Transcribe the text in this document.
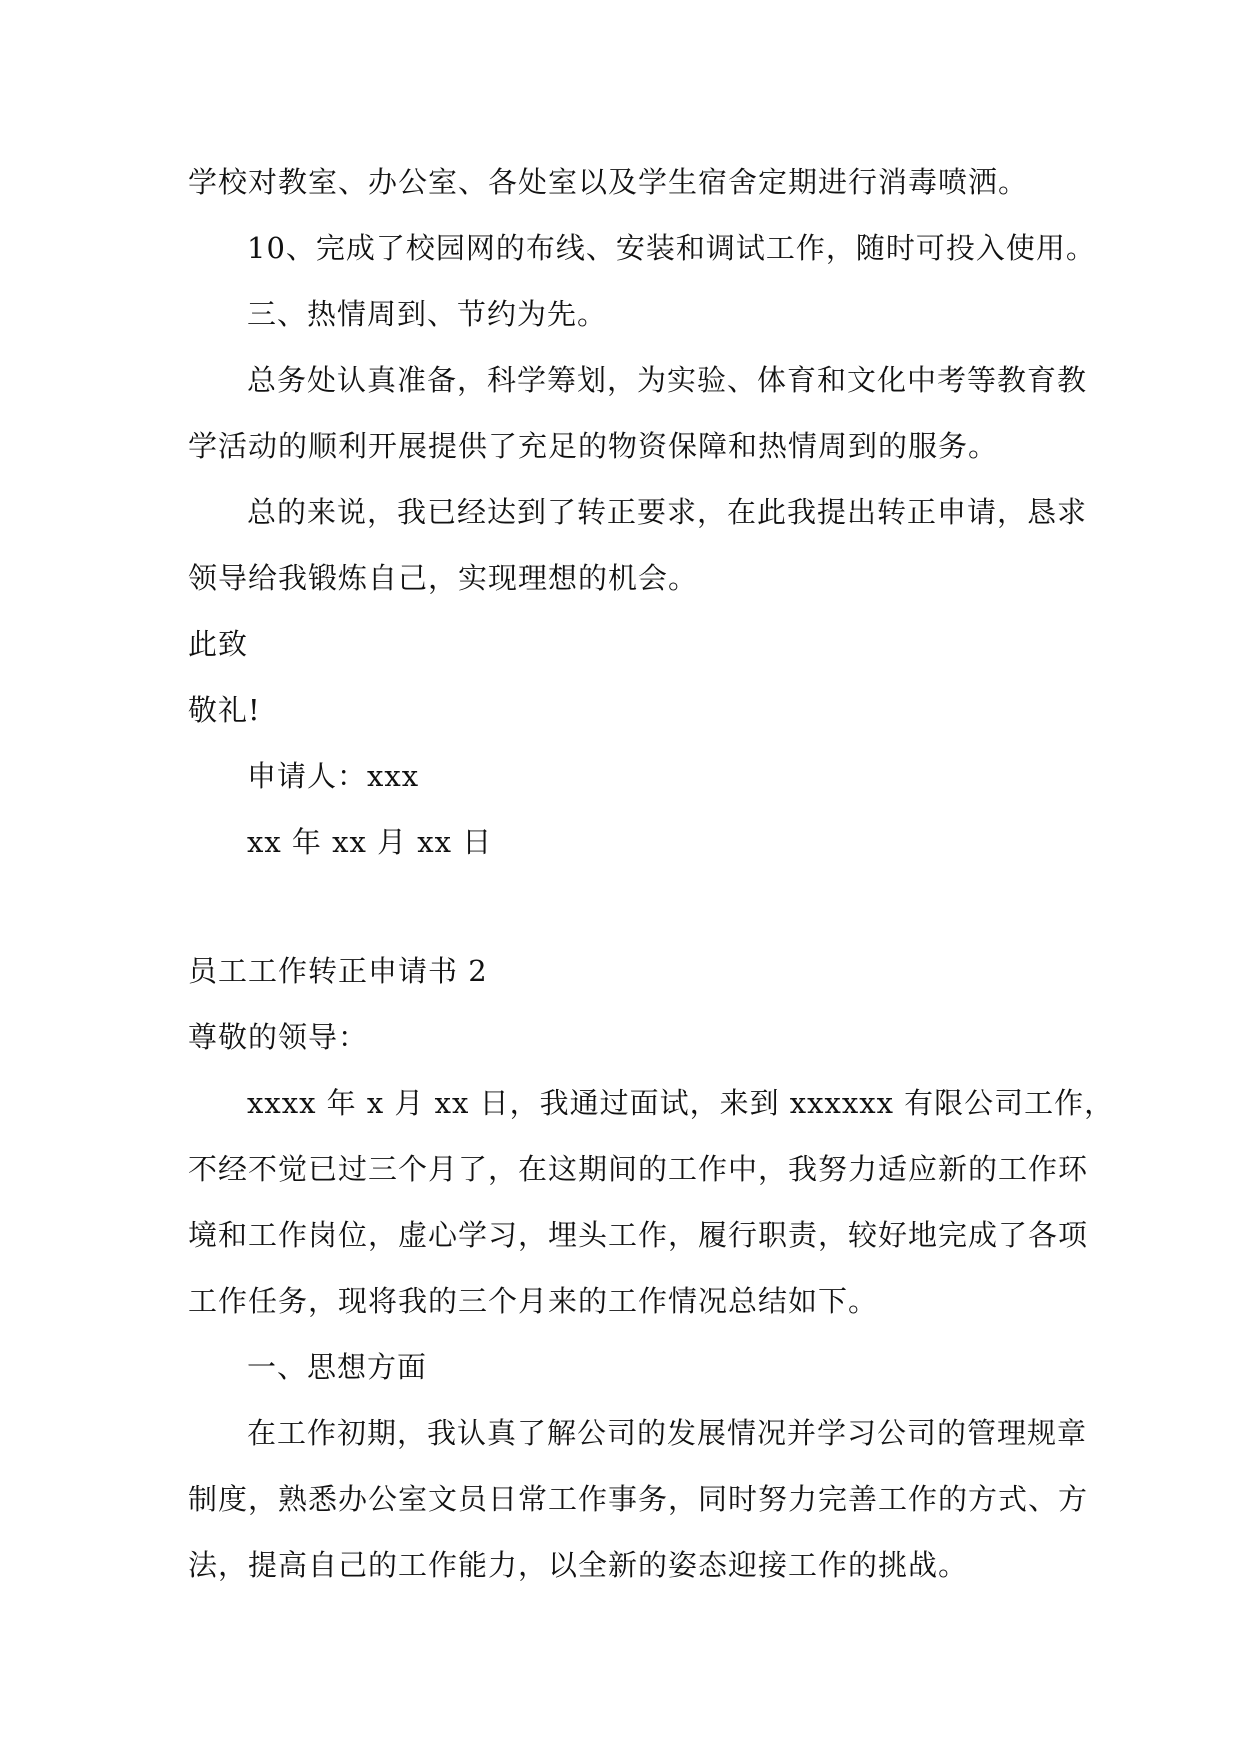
学校对教室、办公室、各处室以及学生宿舍定期进行消毒喷洒。
10、完成了校园网的布线、安装和调试工作，随时可投入使用。
三、热情周到、节约为先。
总务处认真准备，科学筹划，为实验、体育和文化中考等教育教
学活动的顺利开展提供了充足的物资保障和热情周到的服务。
总的来说，我已经达到了转正要求，在此我提出转正申请，恳求
领导给我锻炼自己，实现理想的机会。
此致
敬礼!
申请人：xxx
xx 年 xx 月 xx 日
员工工作转正申请书 2
尊敬的领导：
xxxx 年 x 月 xx 日，我通过面试，来到 xxxxxx 有限公司工作，
不经不觉已过三个月了，在这期间的工作中，我努力适应新的工作环
境和工作岗位，虚心学习，埋头工作，履行职责，较好地完成了各项
工作任务，现将我的三个月来的工作情况总结如下。
一、思想方面
在工作初期，我认真了解公司的发展情况并学习公司的管理规章
制度，熟悉办公室文员日常工作事务，同时努力完善工作的方式、方
法，提高自己的工作能力，以全新的姿态迎接工作的挑战。
